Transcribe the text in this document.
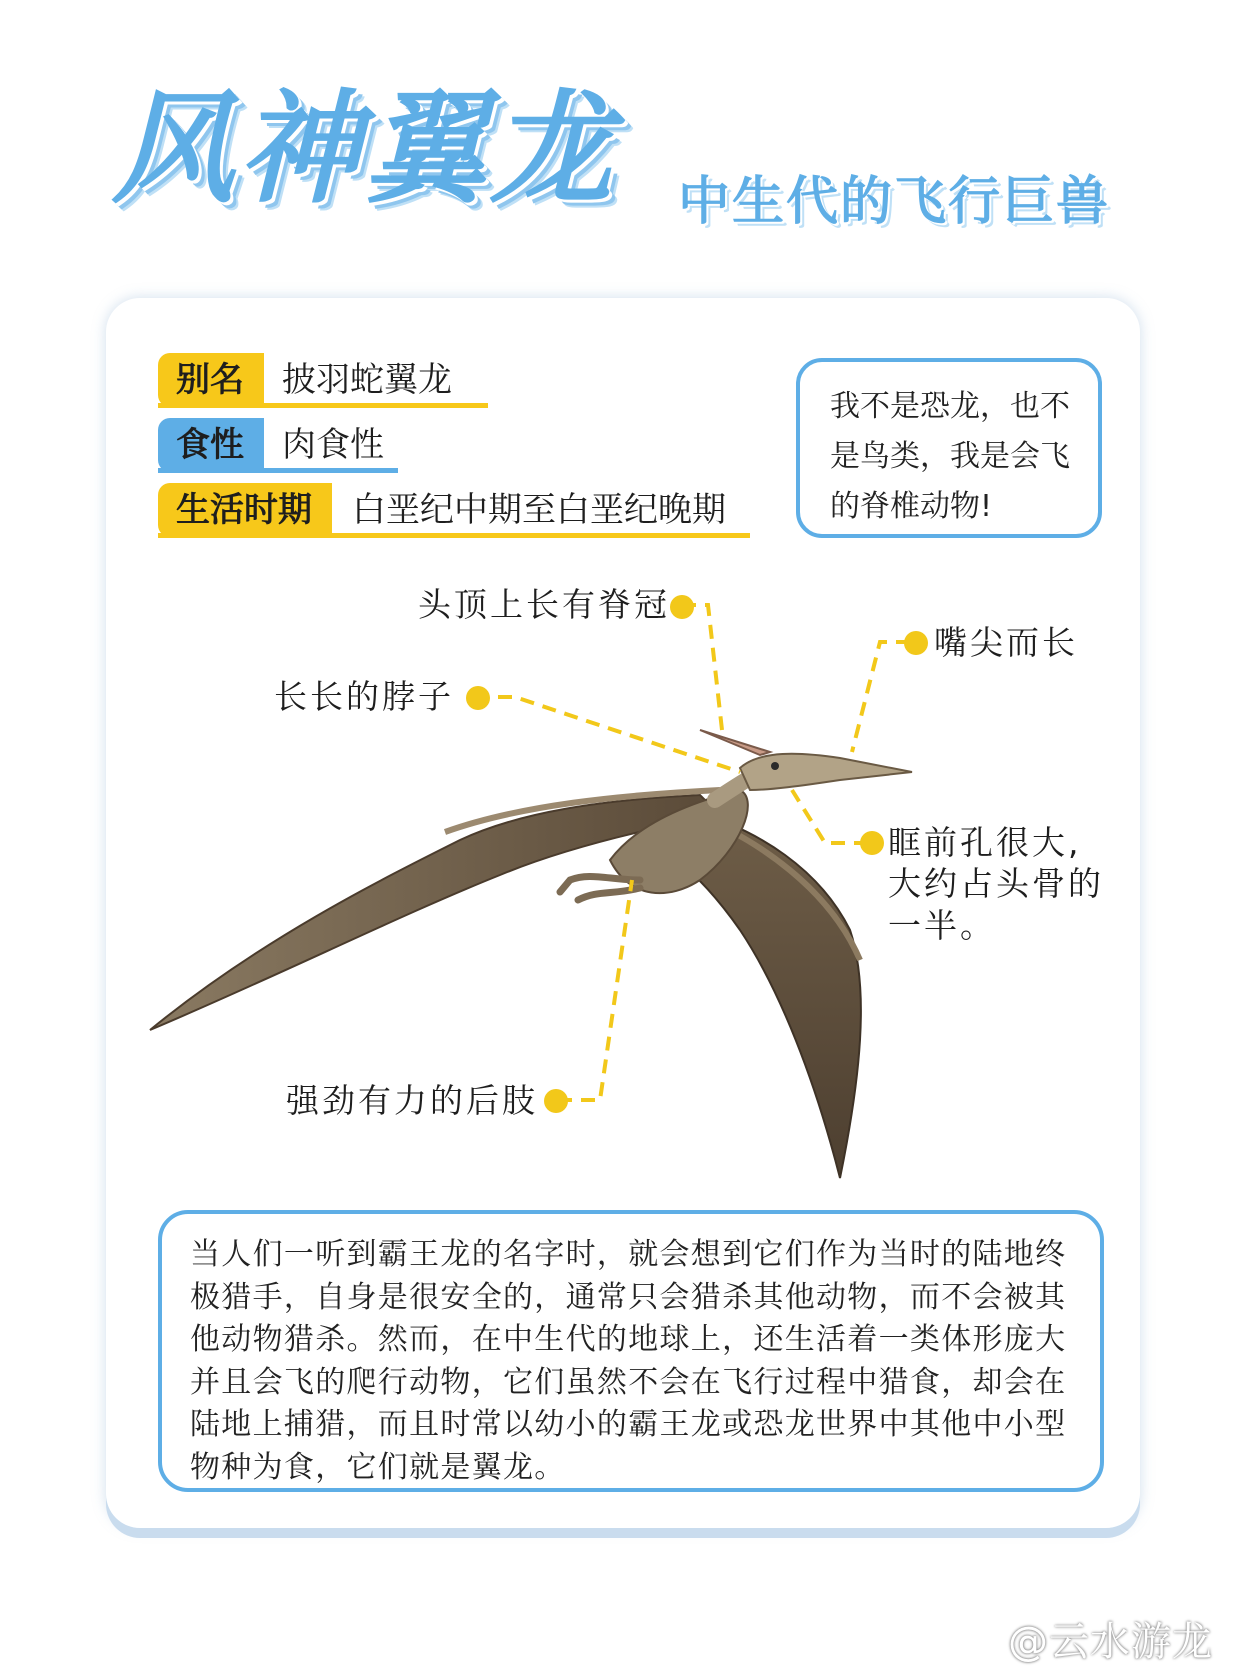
风神翼龙 中生代的飞行巨兽
别名	披羽蛇翼龙
食性	肉食性
生活时期	白垩纪中期至白垩纪晚期
我不是恐龙，也不
是鸟类，我是会飞
的脊椎动物!
头顶上长有脊冠
长长的脖子
嘴尖而长
眶前孔很大,
大约占头骨的
一半。
强劲有力的后肢
当人们一听到霸王龙的名字时，就会想到它们作为当时的陆地终
极猎手，自身是很安全的，通常只会猎杀其他动物，而不会被其
他动物猎杀。然而，在中生代的地球上，还生活着一类体形庞大
并且会飞的爬行动物，它们虽然不会在飞行过程中猎食，却会在
陆地上捕猎，而且时常以幼小的霸王龙或恐龙世界中其他中小型
物种为食，它们就是翼龙。
@云水游龙
